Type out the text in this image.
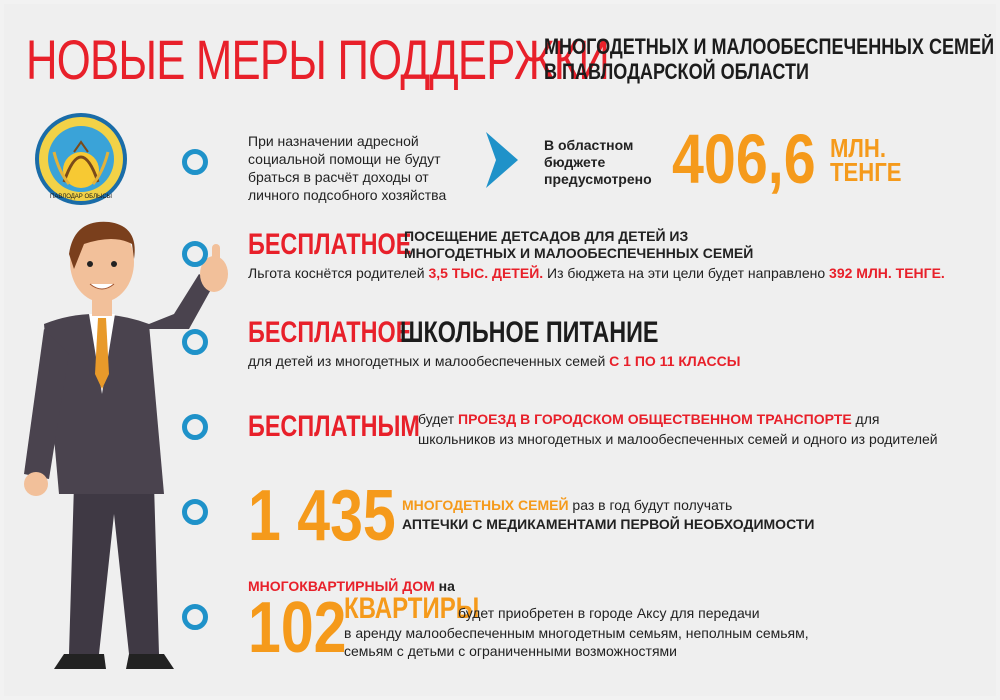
НОВЫЕ МЕРЫ ПОДДЕРЖКИ
МНОГОДЕТНЫХ И МАЛООБЕСПЕЧЕННЫХ СЕМЕЙ
В ПАВЛОДАРСКОЙ ОБЛАСТИ
ПАВЛОДАР ОБЛЫСЫ
При назначении адресной
социальной помощи не будут
браться в расчёт доходы от
личного подсобного хозяйства
В областном
бюджете
предусмотрено 406,6 МЛН.
ТЕНГЕ
БЕСПЛАТНОЕ
ПОСЕЩЕНИЕ ДЕТСАДОВ ДЛЯ ДЕТЕЙ ИЗ
МНОГОДЕТНЫХ И МАЛООБЕСПЕЧЕННЫХ СЕМЕЙ
Льгота коснётся родителей 3,5 ТЫС. ДЕТЕЙ. Из бюджета на эти цели будет направлено 392 МЛН. ТЕНГЕ.
БЕСПЛАТНОЕ
ШКОЛЬНОЕ ПИТАНИЕ
для детей из многодетных и малообеспеченных семей С 1 ПО 11 КЛАССЫ
БЕСПЛАТНЫМ
будет ПРОЕЗД В ГОРОДСКОМ ОБЩЕСТВЕННОМ ТРАНСПОРТЕ для
школьников из многодетных и малообеспеченных семей и одного из родителей
1 435 МНОГОДЕТНЫХ СЕМЕЙ раз в год будут получать
АПТЕЧКИ С МЕДИКАМЕНТАМИ ПЕРВОЙ НЕОБХОДИМОСТИ
МНОГОКВАРТИРНЫЙ ДОМ на
102
КВАРТИРЫ
будет приобретен в городе Аксу для передачи
в аренду малообеспеченным многодетным семьям, неполным семьям,
семьям с детьми с ограниченными возможностями
